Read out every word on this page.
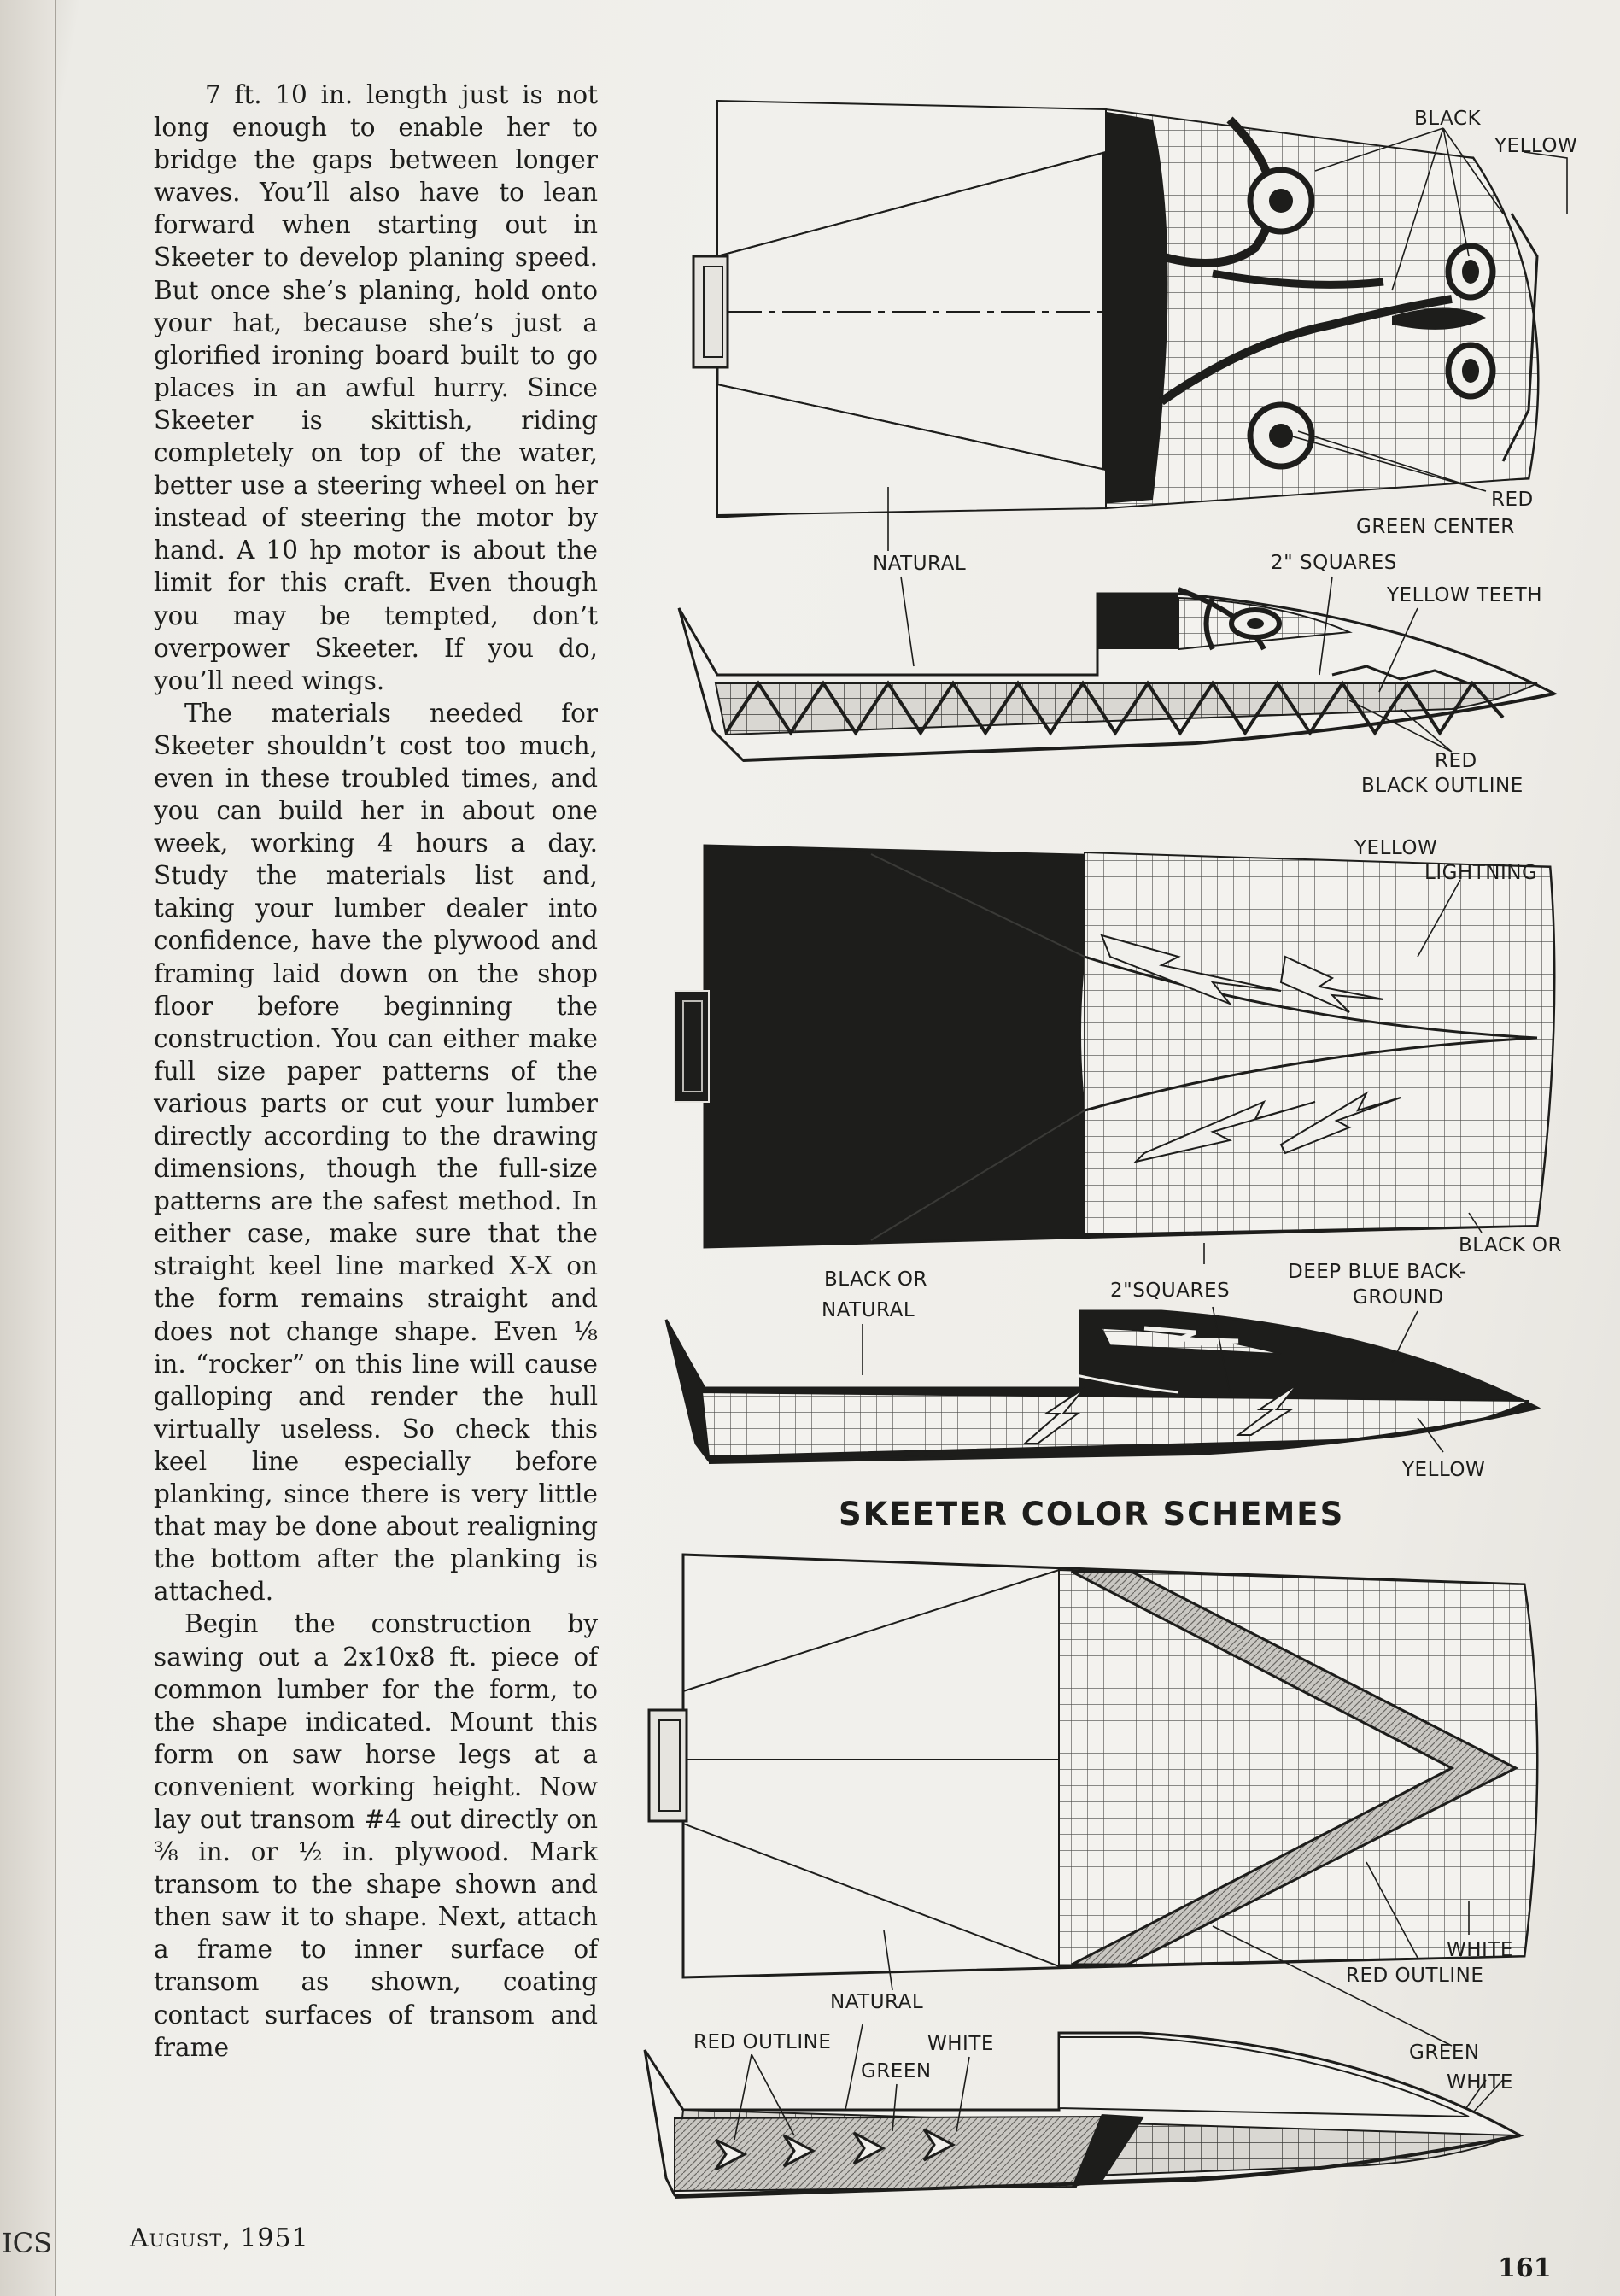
ICS

7 ft. 10 in. length just is not long enough to enable her to bridge the gaps between longer waves. You’ll also have to lean forward when starting out in Skeeter to develop planing speed. But once she’s planing, hold onto your hat, because she’s just a glorified ironing board built to go places in an awful hurry. Since Skeeter is skittish, riding completely on top of the water, better use a steering wheel on her instead of steering the motor by hand. A 10 hp motor is about the limit for this craft. Even though you may be tempted, don’t overpower Skeeter. If you do, you’ll need wings.

The materials needed for Skeeter shouldn’t cost too much, even in these troubled times, and you can build her in about one week, working 4 hours a day. Study the materials list and, taking your lumber dealer into confidence, have the plywood and framing laid down on the shop floor before beginning the construction. You can either make full size paper patterns of the various parts or cut your lumber directly according to the drawing dimensions, though the full-size patterns are the safest method. In either case, make sure that the straight keel line marked X-X on the form remains straight and does not change shape. Even ⅛ in. “rocker” on this line will cause galloping and render the hull virtually useless. So check this keel line especially before planking, since there is very little that may be done about realigning the bottom after the planking is attached.

Begin the construction by sawing out a 2x10x8 ft. piece of common lumber for the form, to the shape indicated. Mount this form on saw horse legs at a convenient working height. Now lay out transom #4 out directly on ⅜ in. or ½ in. plywood. Mark transom to the shape shown and then saw it to shape. Next, attach a frame to inner surface of transom as shown, coating contact surfaces of transom and frame

BLACK
YELLOW
RED
GREEN CENTER
NATURAL	2" SQUARES
YELLOW TEETH
RED
BLACK OUTLINE
YELLOW
LIGHTNING
BLACK OR
DEEP BLUE BACK-
GROUND
BLACK OR
NATURAL
2"SQUARES
YELLOW
SKEETER COLOR SCHEMES
WHITE
RED OUTLINE
NATURAL
RED OUTLINE	WHITE
GREEN
GREEN
WHITE
August, 1951
161
